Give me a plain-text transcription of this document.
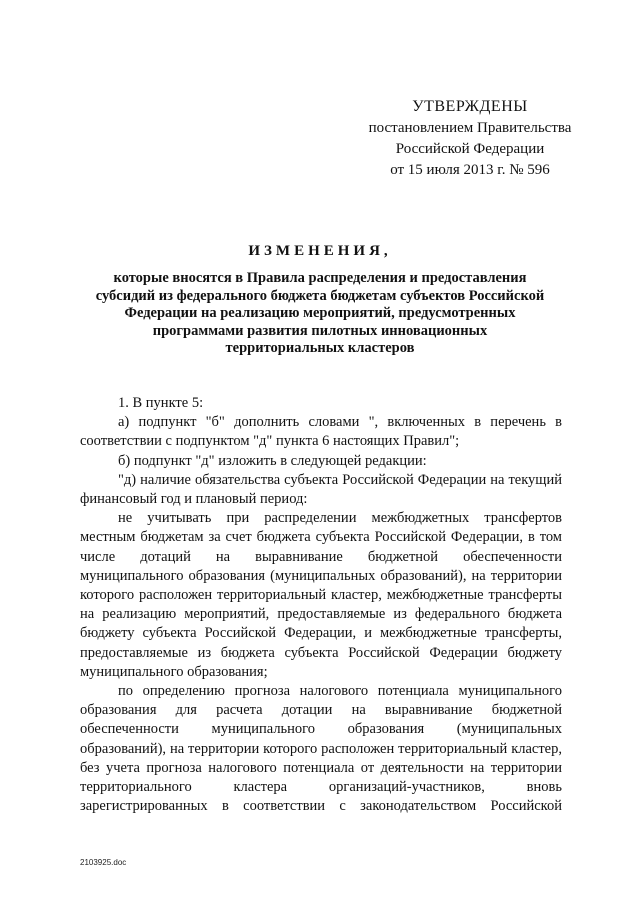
УТВЕРЖДЕНЫ
постановлением Правительства
Российской Федерации
от 15 июля 2013 г. № 596
ИЗМЕНЕНИЯ,
которые вносятся в Правила распределения и предоставления
субсидий из федерального бюджета бюджетам субъектов Российской
Федерации на реализацию мероприятий, предусмотренных
программами развития пилотных инновационных
территориальных кластеров

1. В пункте 5:

а) подпункт "б" дополнить словами ", включенных в перечень в соответствии с подпунктом "д" пункта 6 настоящих Правил";

б) подпункт "д" изложить в следующей редакции:

"д) наличие обязательства субъекта Российской Федерации на текущий финансовый год и плановый период:

не учитывать при распределении межбюджетных трансфертов местным бюджетам за счет бюджета субъекта Российской Федерации, в том числе дотаций на выравнивание бюджетной обеспеченности муниципального образования (муниципальных образований), на территории которого расположен территориальный кластер, межбюджетные трансферты на реализацию мероприятий, предоставляемые из федерального бюджета бюджету субъекта Российской Федерации, и межбюджетные трансферты, предоставляемые из бюджета субъекта Российской Федерации бюджету муниципального образования;

по определению прогноза налогового потенциала муниципального образования для расчета дотации на выравнивание бюджетной обеспеченности муниципального образования (муниципальных образований), на территории которого расположен территориальный кластер, без учета прогноза налогового потенциала от деятельности на территории территориального кластера организаций-участников, вновь зарегистрированных в соответствии с законодательством Российской

2103925.doc
